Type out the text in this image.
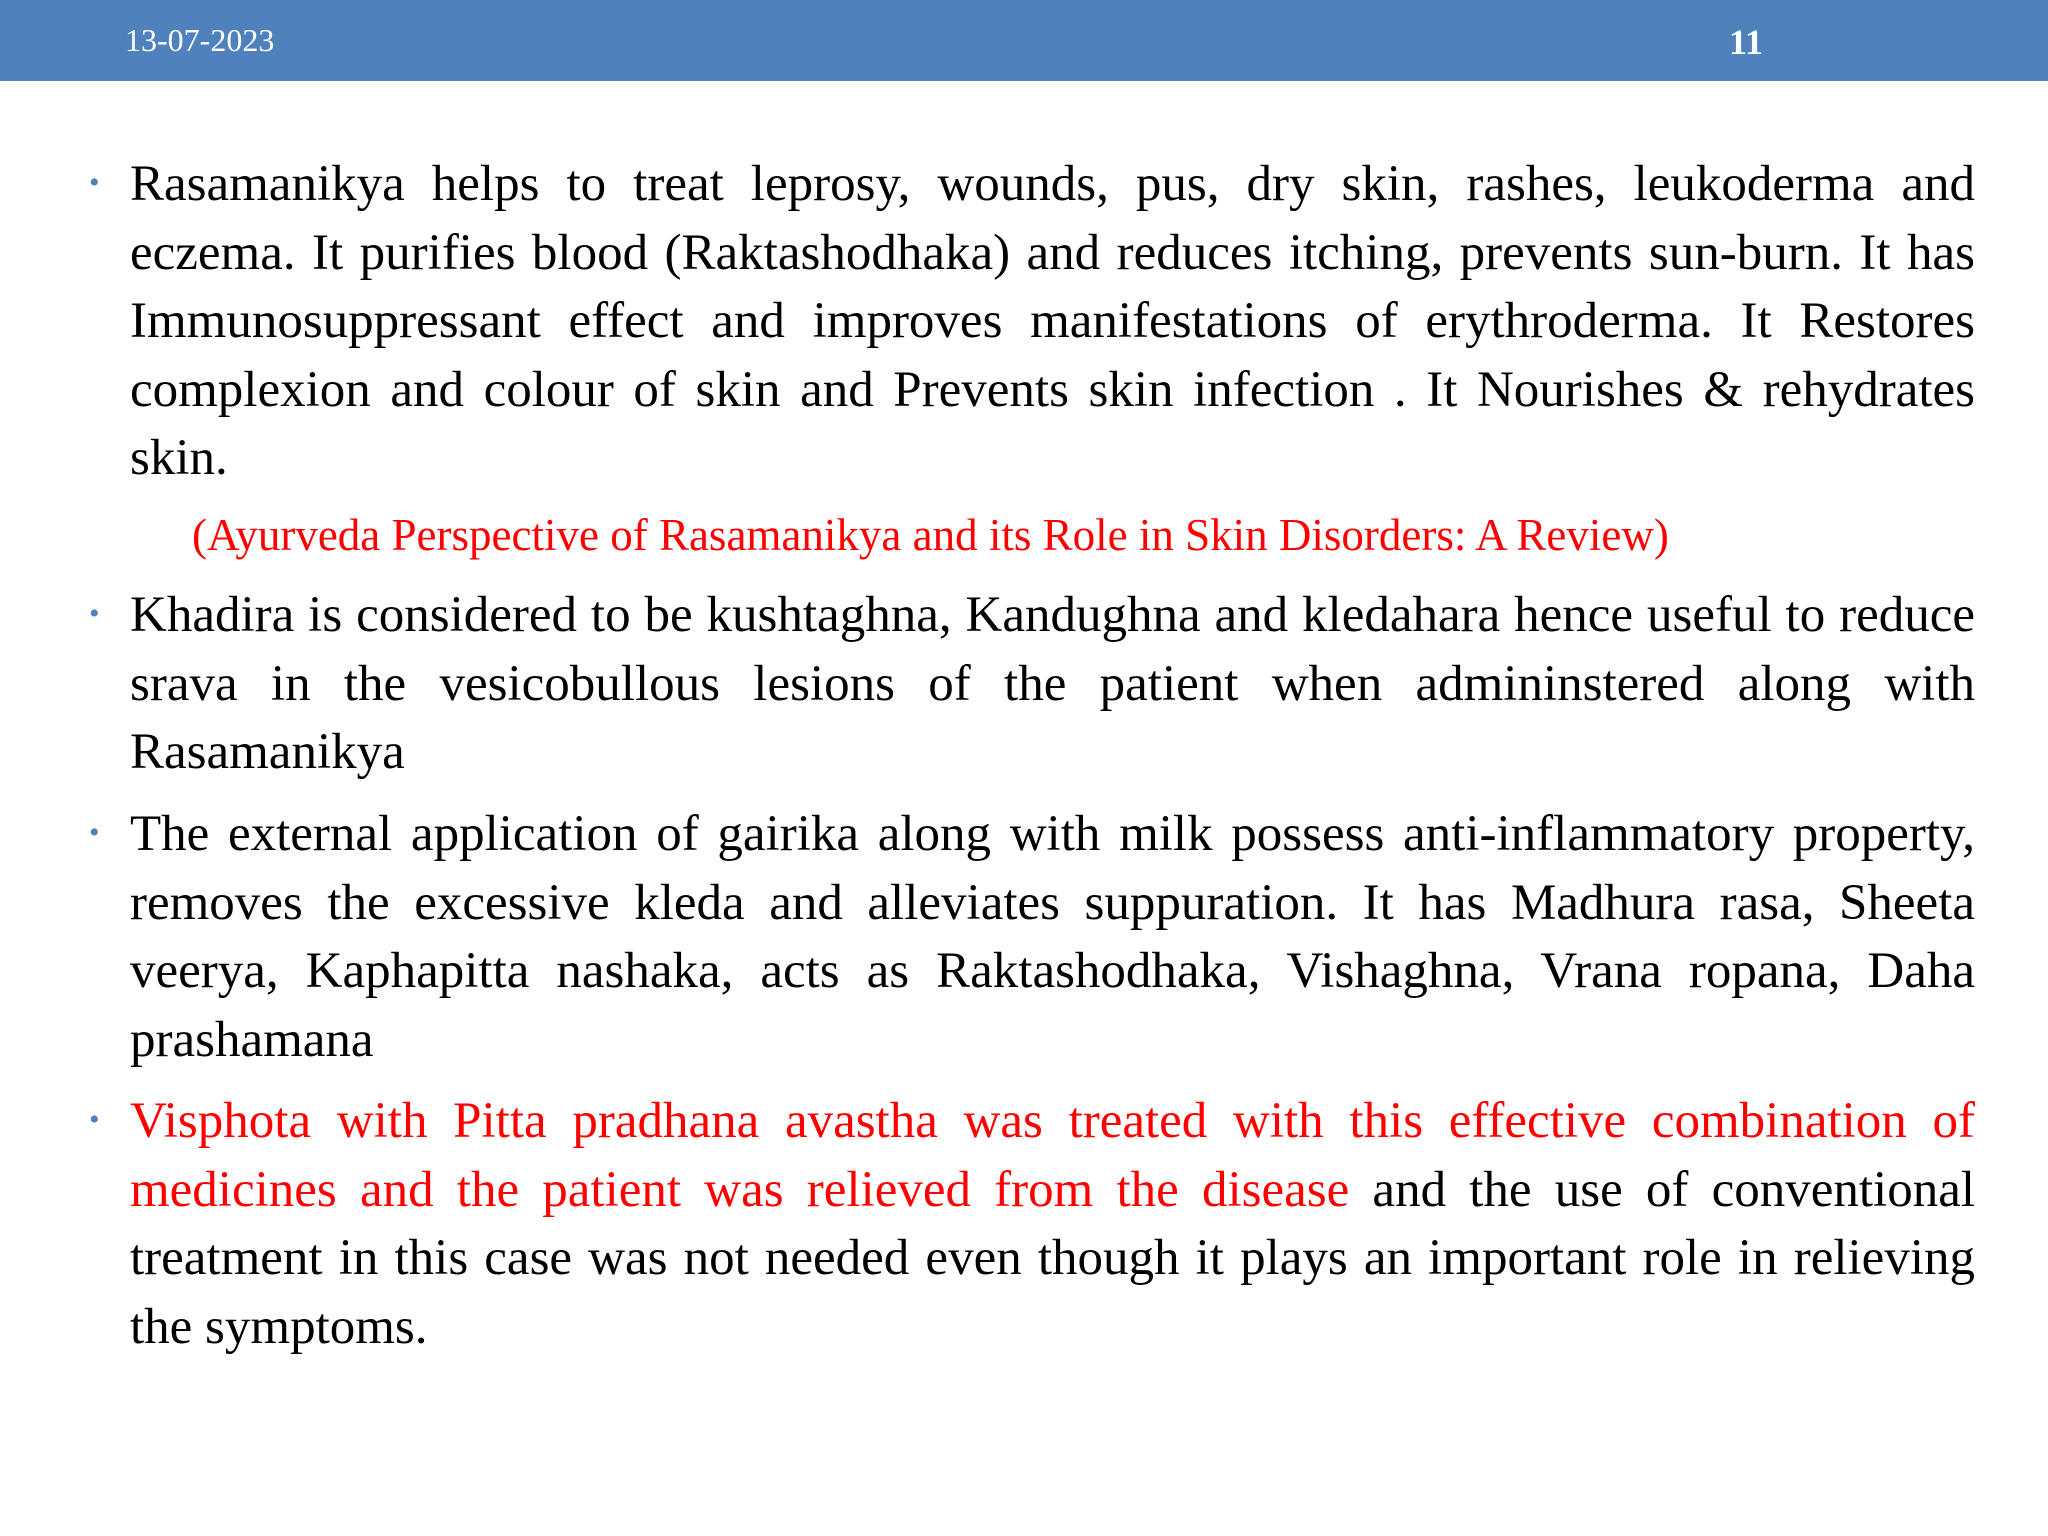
13-07-2023	11
• Rasamanikya helps to treat leprosy, wounds, pus, dry skin, rashes, leukoderma and eczema. It purifies blood (Raktashodhaka) and reduces itching, prevents sun-burn. It has Immunosuppressant effect and improves manifestations of erythroderma. It Restores complexion and colour of skin and Prevents skin infection . It Nourishes & rehydrates skin.
(Ayurveda Perspective of Rasamanikya and its Role in Skin Disorders: A Review)
• Khadira is considered to be kushtaghna, Kandughna and kledahara hence useful to reduce srava in the vesicobullous lesions of the patient when admininstered along with Rasamanikya
• The external application of gairika along with milk possess anti-inflammatory property, removes the excessive kleda and alleviates suppuration. It has Madhura rasa, Sheeta veerya, Kaphapitta nashaka, acts as Raktashodhaka, Vishaghna, Vrana ropana, Daha prashamana
• Visphota with Pitta pradhana avastha was treated with this effective combination of medicines and the patient was relieved from the disease and the use of conventional treatment in this case was not needed even though it plays an important role in relieving the symptoms.
